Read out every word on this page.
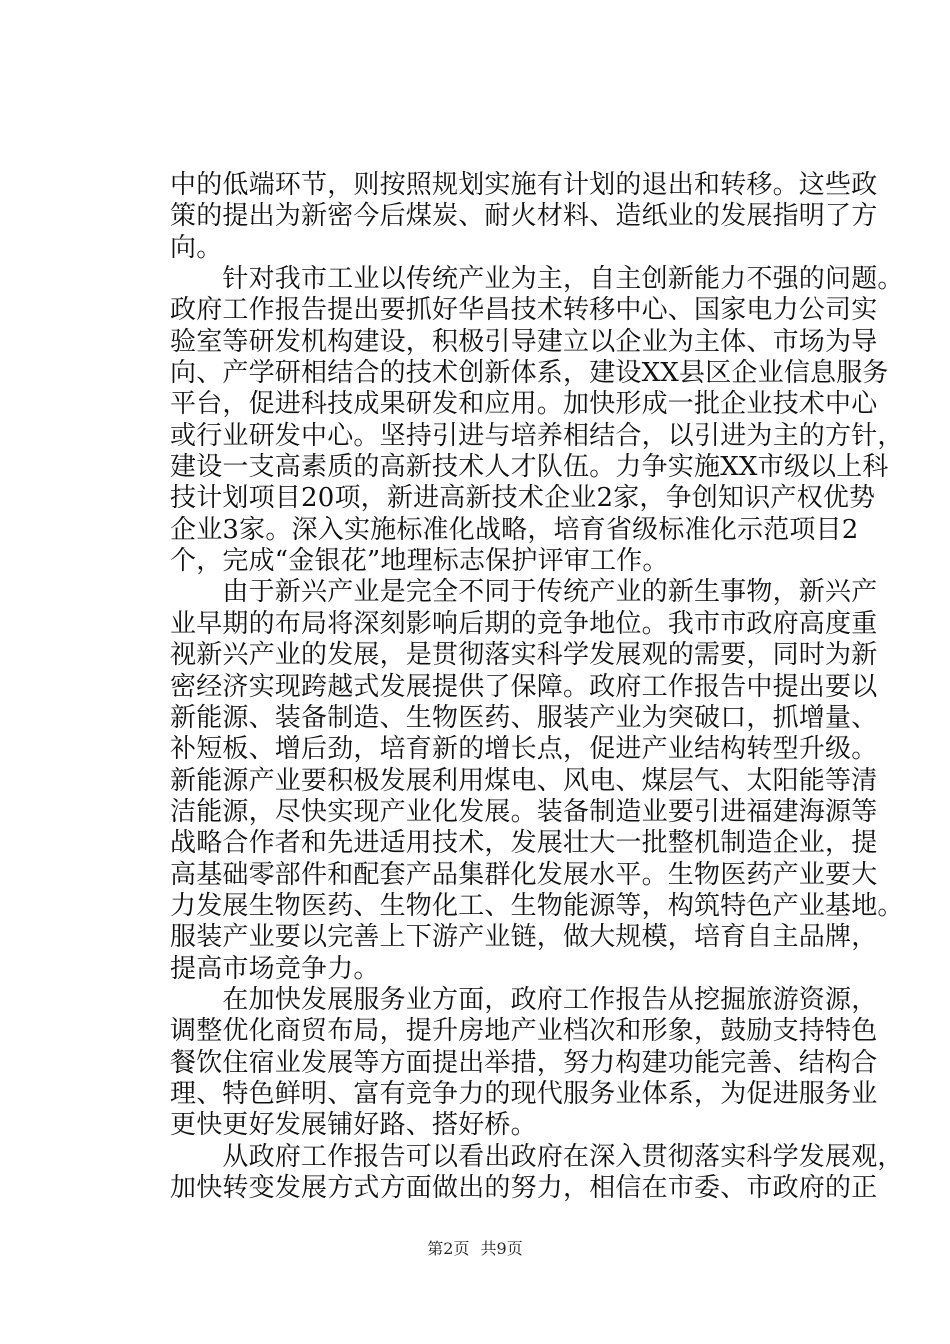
中的低端环节，则按照规划实施有计划的退出和转移。这些政
策的提出为新密今后煤炭、耐火材料、造纸业的发展指明了方
向。
　　针对我市工业以传统产业为主，自主创新能力不强的问题。
政府工作报告提出要抓好华昌技术转移中心、国家电力公司实
验室等研发机构建设，积极引导建立以企业为主体、市场为导
向、产学研相结合的技术创新体系，建设XX县区企业信息服务
平台，促进科技成果研发和应用。加快形成一批企业技术中心
或行业研发中心。坚持引进与培养相结合，以引进为主的方针，
建设一支高素质的高新技术人才队伍。力争实施XX市级以上科
技计划项目20项，新进高新技术企业2家，争创知识产权优势
企业3家。深入实施标准化战略，培育省级标准化示范项目2
个，完成“金银花”地理标志保护评审工作。
　　由于新兴产业是完全不同于传统产业的新生事物，新兴产
业早期的布局将深刻影响后期的竞争地位。我市市政府高度重
视新兴产业的发展，是贯彻落实科学发展观的需要，同时为新
密经济实现跨越式发展提供了保障。政府工作报告中提出要以
新能源、装备制造、生物医药、服装产业为突破口，抓增量、
补短板、增后劲，培育新的增长点，促进产业结构转型升级。
新能源产业要积极发展利用煤电、风电、煤层气、太阳能等清
洁能源，尽快实现产业化发展。装备制造业要引进福建海源等
战略合作者和先进适用技术，发展壮大一批整机制造企业，提
高基础零部件和配套产品集群化发展水平。生物医药产业要大
力发展生物医药、生物化工、生物能源等，构筑特色产业基地。
服装产业要以完善上下游产业链，做大规模，培育自主品牌，
提高市场竞争力。
　　在加快发展服务业方面，政府工作报告从挖掘旅游资源，
调整优化商贸布局，提升房地产业档次和形象，鼓励支持特色
餐饮住宿业发展等方面提出举措，努力构建功能完善、结构合
理、特色鲜明、富有竞争力的现代服务业体系，为促进服务业
更快更好发展铺好路、搭好桥。
　　从政府工作报告可以看出政府在深入贯彻落实科学发展观，
加快转变发展方式方面做出的努力，相信在市委、市政府的正
第2页 共9页
